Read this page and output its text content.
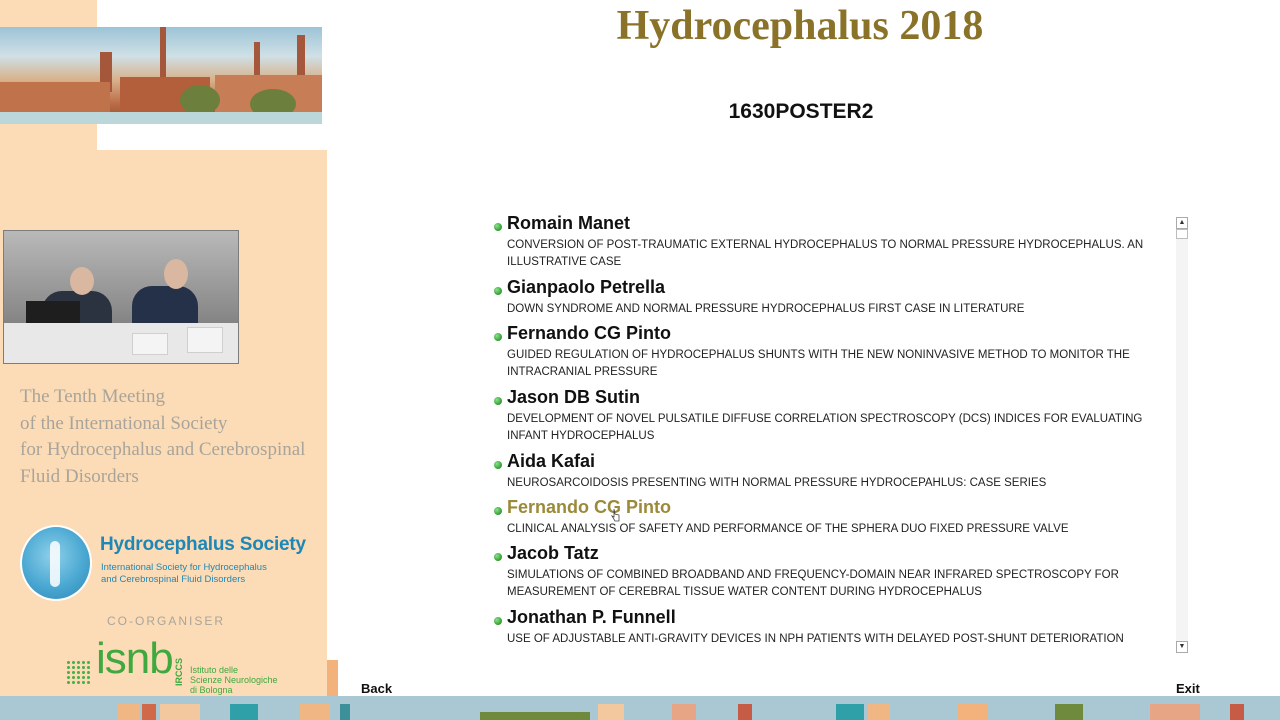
The Tenth Meeting
of the International Society
for Hydrocephalus and Cerebrospinal
Fluid Disorders

Hydrocephalus Society
International Society for Hydrocephalus
and Cerebrospinal Fluid Disorders
CO-ORGANISER
isnb IRCCS Istituto delle
Scienze Neurologiche
di Bologna
Hydrocephalus 2018
1630POSTER2
Romain Manet
CONVERSION OF POST-TRAUMATIC EXTERNAL HYDROCEPHALUS TO NORMAL PRESSURE HYDROCEPHALUS. AN ILLUSTRATIVE CASE
Gianpaolo Petrella
DOWN SYNDROME AND NORMAL PRESSURE HYDROCEPHALUS FIRST CASE IN LITERATURE
Fernando CG Pinto
GUIDED REGULATION OF HYDROCEPHALUS SHUNTS WITH THE NEW NONINVASIVE METHOD TO MONITOR THE INTRACRANIAL PRESSURE
Jason DB Sutin
DEVELOPMENT OF NOVEL PULSATILE DIFFUSE CORRELATION SPECTROSCOPY (DCS) INDICES FOR EVALUATING INFANT HYDROCEPHALUS
Aida Kafai
NEUROSARCOIDOSIS PRESENTING WITH NORMAL PRESSURE HYDROCEPAHLUS: CASE SERIES
Fernando CG Pinto
CLINICAL ANALYSIS OF SAFETY AND PERFORMANCE OF THE SPHERA DUO FIXED PRESSURE VALVE
Jacob Tatz
SIMULATIONS OF COMBINED BROADBAND AND FREQUENCY-DOMAIN NEAR INFRARED SPECTROSCOPY FOR MEASUREMENT OF CEREBRAL TISSUE WATER CONTENT DURING HYDROCEPHALUS
Jonathan P. Funnell
USE OF ADJUSTABLE ANTI-GRAVITY DEVICES IN NPH PATIENTS WITH DELAYED POST-SHUNT DETERIORATION
▲
▼
Back	Exit
